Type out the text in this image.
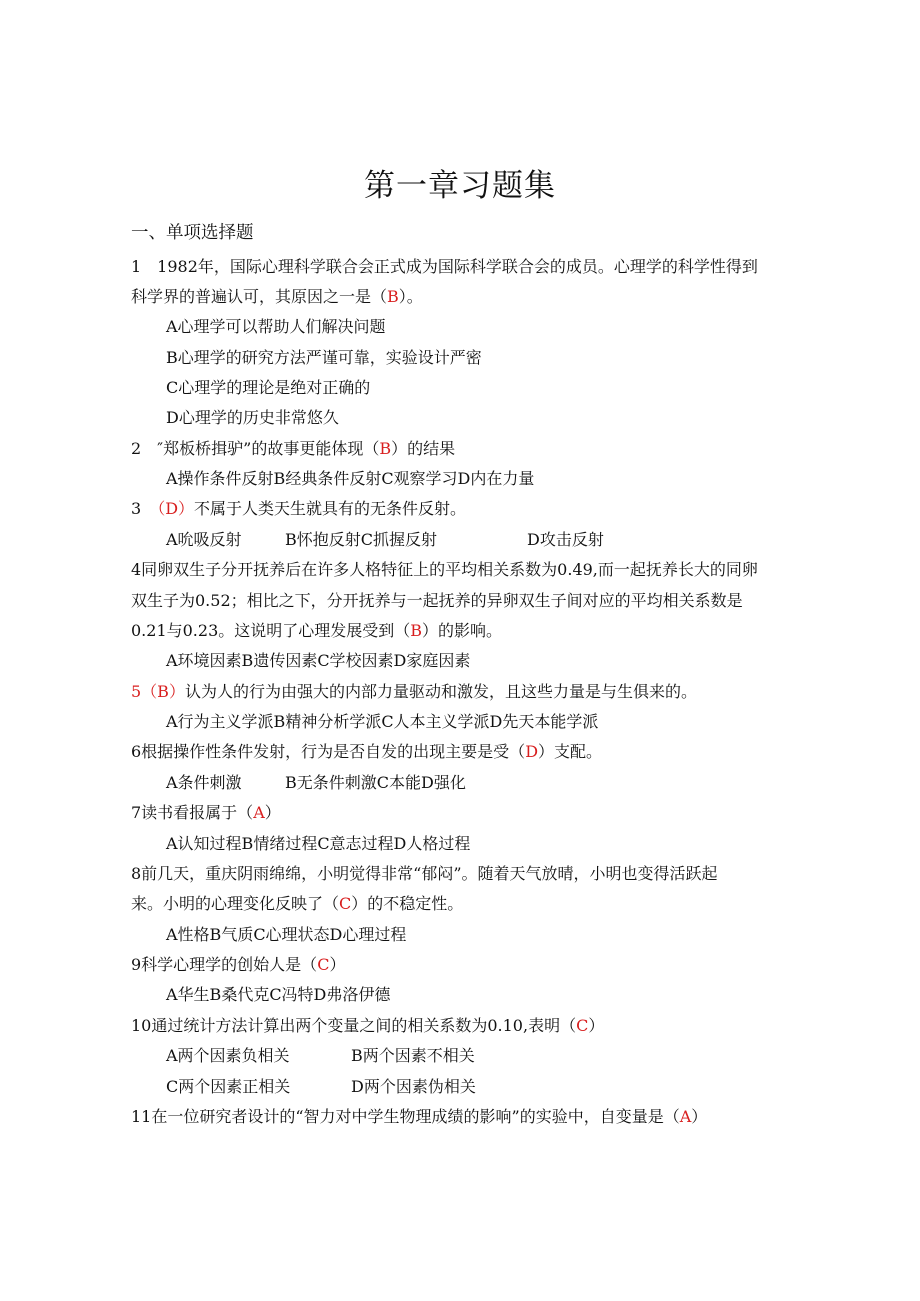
第一章习题集
一、单项选择题
1　1982年，国际心理科学联合会正式成为国际科学联合会的成员。心理学的科学性得到
科学界的普遍认可，其原因之一是（B）。
A心理学可以帮助人们解决问题
B心理学的研究方法严谨可靠，实验设计严密
C心理学的理论是绝对正确的
D心理学的历史非常悠久
2　″郑板桥揖驴”的故事更能体现（B）的结果
A操作条件反射B经典条件反射C观察学习D内在力量
3　（D）不属于人类天生就具有的无条件反射。
A吮吸反射	B怀抱反射C抓握反射	D攻击反射
4同卵双生子分开抚养后在许多人格特征上的平均相关系数为0.49,而一起抚养长大的同卵
双生子为0.52；相比之下，分开抚养与一起抚养的异卵双生子间对应的平均相关系数是
0.21与0.23。这说明了心理发展受到（B）的影响。
A环境因素B遗传因素C学校因素D家庭因素
5（B）认为人的行为由强大的内部力量驱动和激发，且这些力量是与生俱来的。
A行为主义学派B精神分析学派C人本主义学派D先天本能学派
6根据操作性条件发射，行为是否自发的出现主要是受（D）支配。
A条件刺激	B无条件刺激C本能D强化
7读书看报属于（A）
A认知过程B情绪过程C意志过程D人格过程
8前几天，重庆阴雨绵绵，小明觉得非常“郁闷”。随着天气放晴，小明也变得活跃起
来。小明的心理变化反映了（C）的不稳定性。
A性格B气质C心理状态D心理过程
9科学心理学的创始人是（C）
A华生B桑代克C冯特D弗洛伊德
10通过统计方法计算出两个变量之间的相关系数为0.10,表明（C）
A两个因素负相关	B两个因素不相关
C两个因素正相关	D两个因素伪相关
11在一位研究者设计的“智力对中学生物理成绩的影响”的实验中，自变量是（A）
